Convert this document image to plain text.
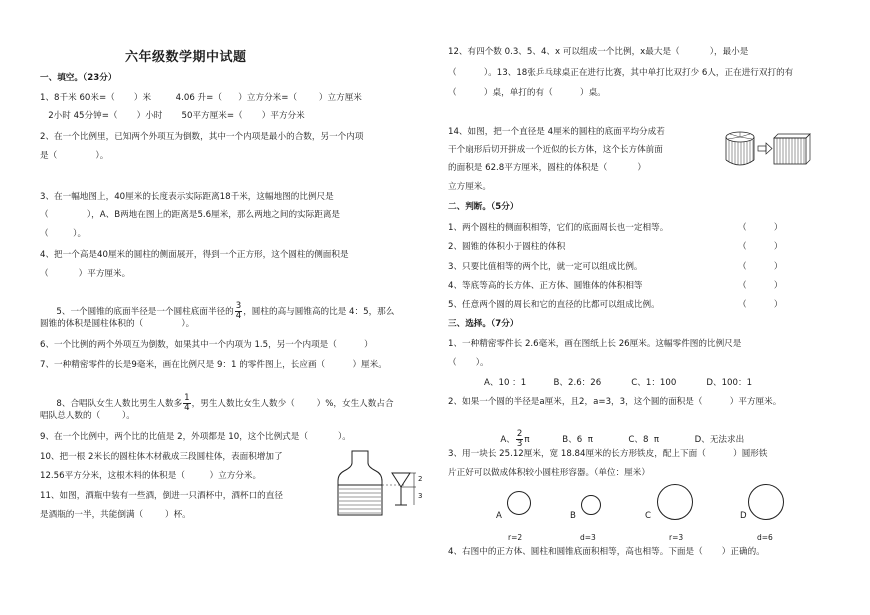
六年级数学期中试题
一、填空。（23分）
1、8千米 60米=（       ）米         4.06 升=（      ）立方分米=（        ）立方厘米
2小时 45分钟=（       ）小时       50平方厘米=（       ）平方分米
2、在一个比例里，已知两个外项互为倒数，其中一个内项是最小的合数，另一个内项
是（              ）。
3、在一幅地图上，40厘米的长度表示实际距离18千米，这幅地图的比例尺是
（              ），A、B两地在图上的距离是5.6厘米，那么两地之间的实际距离是
（         ）。
4、把一个高是40厘米的圆柱的侧面展开，得到一个正方形，这个圆柱的侧面积是
（           ）平方厘米。

5、一个圆锥的底面半径是一个圆柱底面半径的 $\frac{3}{4}$ ，圆柱的高与圆锥高的比是 4：5，那么

圆锥的体积是圆柱体积的（              ）。
6、一个比例的两个外项互为倒数，如果其中一个内项为 1.5，另一个内项是（          ）
7、一种精密零件的长是9毫米，画在比例尺是 9：1 的零件图上，长应画（          ）厘米。

8、合唱队女生人数比男生人数多 $\frac{1}{4}$ ，男生人数比女生人数少（        ）%，女生人数占合

唱队总人数的（        ）。
9、在一个比例中，两个比的比值是 2，外项都是 10，这个比例式是（           ）。
10、把一根 2米长的圆柱体木材截成三段圆柱体，表面积增加了
12.56平方分米，这根木料的体积是（         ）立方分米。
11、如图，酒瓶中装有一些酒，倒进一只酒杯中，酒杯口的直径
是酒瓶的一半，共能倒满（        ）杯。
2
3
12、有四个数 0.3、5、4、x 可以组成一个比例，x最大是（           ），最小是
（          ）。13、18张乒乓球桌正在进行比赛，其中单打比双打少 6人，正在进行双打的有
（          ）桌，单打的有（          ）桌。
14、如图，把一个直径是 4厘米的圆柱的底面平均分成若
干个扇形后切开拼成一个近似的长方体，这个长方体前面
的面积是 62.8平方厘米，圆柱的体积是（           ）
立方厘米。
二、判断。（5分）
1、两个圆柱的侧面积相等，它们的底面周长也一定相等。	（          ）
2、圆锥的体积小于圆柱的体积	（          ）
3、只要比值相等的两个比，就一定可以组成比例。	（          ）
4、等底等高的长方体、正方体、圆锥体的体积相等	（          ）
5、任意两个圆的周长和它的直径的比都可以组成比例。	（          ）
三、选择。（7分）
1、一种精密零件长 2.6毫米，画在图纸上长 26厘米。这幅零件图的比例尺是
（       ）。
A、10 ：1          B、2.6：26           C、1：100           D、100：1
2、如果一个圆的半径是a厘米，且2，a=3，3，这个圆的面积是（          ）平方厘米。

A、 $\frac{2}{3}$ π            B、6  π             C、8  π             D、无法求出

3、用一块长 25.12厘米，宽 18.84厘米的长方形铁皮，配上下面（          ）圆形铁
片正好可以做成体积较小圆柱形容器。（单位：厘米）
4、右图中的正方体、圆柱和圆锥底面积相等，高也相等。下面是（       ）正确的。
A
r=2
B
d=3
C
r=3
D
d=6
